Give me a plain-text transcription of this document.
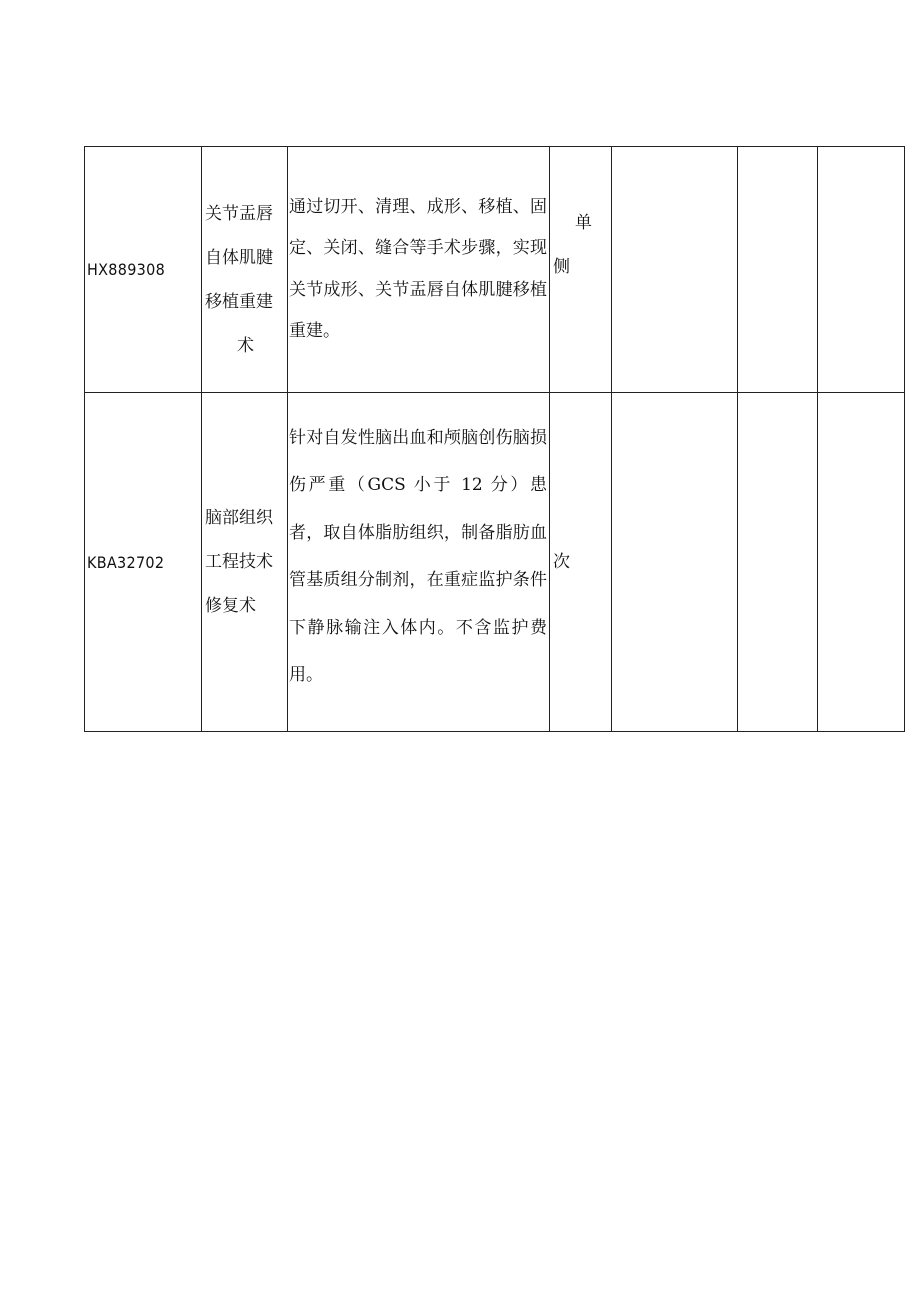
HX889308	关节盂唇
自体肌腱
移植重建
术	通过切开、清理、成形、移植、固定、关闭、缝合等手术步骤，实现关节成形、关节盂唇自体肌腱移植重建。	单
侧			

KBA32702	脑部组织
工程技术
修复术	针对自发性脑出血和颅脑创伤脑损伤严重（GCS 小于 12 分）患者，取自体脂肪组织，制备脂肪血管基质组分制剂，在重症监护条件下静脉输注入体内。不含监护费用。	次			
